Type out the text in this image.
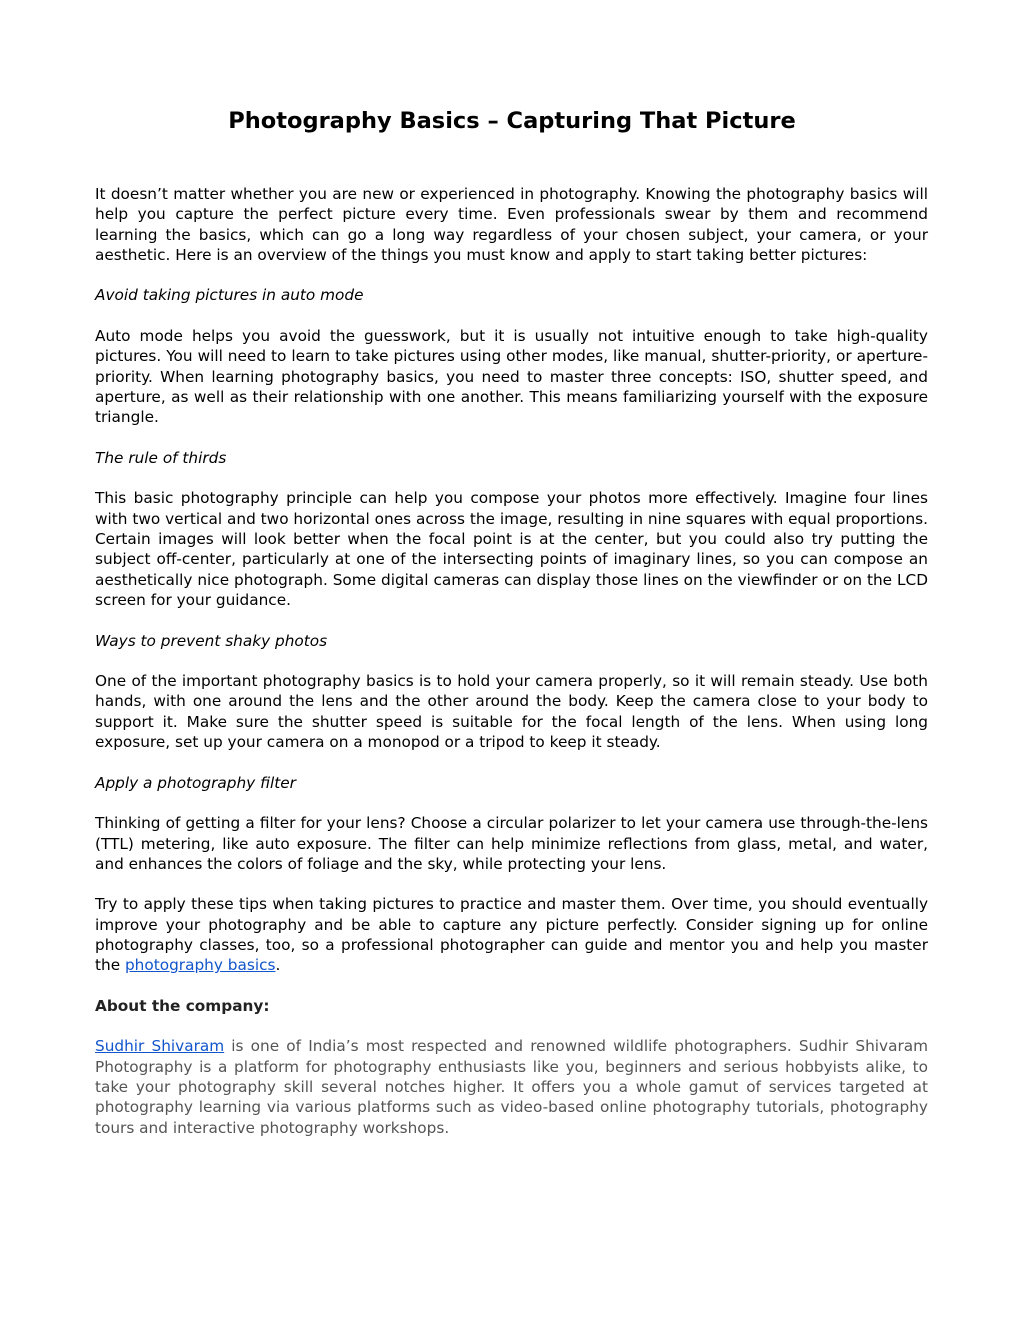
Photography Basics – Capturing That Picture

It doesn’t matter whether you are new or experienced in photography. Knowing the photography basics will help you capture the perfect picture every time. Even professionals swear by them and recommend learning the basics, which can go a long way regardless of your chosen subject, your camera, or your aesthetic. Here is an overview of the things you must know and apply to start taking better pictures:

Avoid taking pictures in auto mode

Auto mode helps you avoid the guesswork, but it is usually not intuitive enough to take high-quality pictures. You will need to learn to take pictures using other modes, like manual, shutter-priority, or aperture-priority. When learning photography basics, you need to master three concepts: ISO, shutter speed, and aperture, as well as their relationship with one another. This means familiarizing yourself with the exposure triangle.

The rule of thirds

This basic photography principle can help you compose your photos more effectively. Imagine four lines with two vertical and two horizontal ones across the image, resulting in nine squares with equal proportions. Certain images will look better when the focal point is at the center, but you could also try putting the subject off-center, particularly at one of the intersecting points of imaginary lines, so you can compose an aesthetically nice photograph. Some digital cameras can display those lines on the viewfinder or on the LCD screen for your guidance.

Ways to prevent shaky photos

One of the important photography basics is to hold your camera properly, so it will remain steady. Use both hands, with one around the lens and the other around the body. Keep the camera close to your body to support it. Make sure the shutter speed is suitable for the focal length of the lens. When using long exposure, set up your camera on a monopod or a tripod to keep it steady.

Apply a photography filter

Thinking of getting a filter for your lens? Choose a circular polarizer to let your camera use through-the-lens (TTL) metering, like auto exposure. The filter can help minimize reflections from glass, metal, and water, and enhances the colors of foliage and the sky, while protecting your lens.

Try to apply these tips when taking pictures to practice and master them. Over time, you should eventually improve your photography and be able to capture any picture perfectly. Consider signing up for online photography classes, too, so a professional photographer can guide and mentor you and help you master the photography basics.

About the company:

Sudhir Shivaram is one of India’s most respected and renowned wildlife photographers. Sudhir Shivaram Photography is a platform for photography enthusiasts like you, beginners and serious hobbyists alike, to take your photography skill several notches higher. It offers you a whole gamut of services targeted at photography learning via various platforms such as video-based online photography tutorials, photography tours and interactive photography workshops.
